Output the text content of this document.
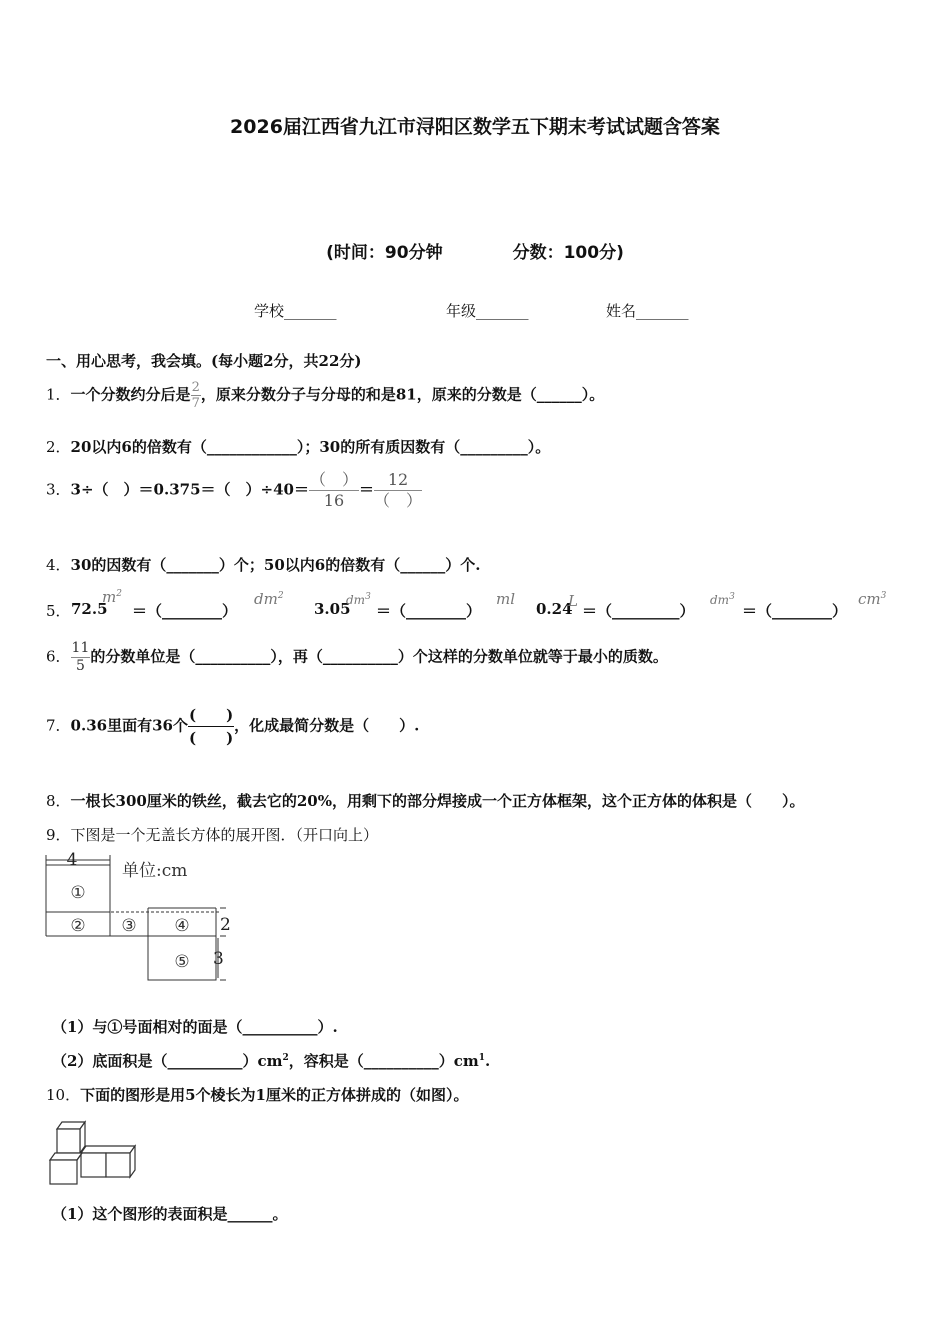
2026届江西省九江市浔阳区数学五下期末考试试题含答案
(时间：90分钟	分数：100分)
学校_______	年级_______	姓名_______
一、用心思考，我会填。(每小题2分，共22分)
1．一个分数约分后是 $\frac{2}{7}$ ，原来分数分子与分母的和是81，原来的分数是（______）。
2．20以内6的倍数有（____________）；30的所有质因数有（_________）。
3．3÷（　）＝0.375＝（　）$\div 40= \frac{( )}{16} = \frac{12}{( )}$
4．30的因数有（_______）个；50以内6的倍数有（______）个.
5． 72.5
$m^2$
＝（________）
$dm^2$
3.05
$dm^3$
＝（________）
ml
0.24
L
＝（_________）
$dm^3$
＝（________）
$cm^3$
6． $\frac{11}{5}$ 的分数单位是（__________），再（__________）个这样的分数单位就等于最小的质数。
7．0.36里面有36个 $\frac{( )}{( )}$ ，化成最简分数是（　　）.
8．一根长300厘米的铁丝，截去它的20%，用剩下的部分焊接成一个正方体框架，这个正方体的体积是（　　）。
9．下图是一个无盖长方体的展开图．（开口向上）
4
单位:cm
①
② ③ ④
⑤
2
3
（1）与①号面相对的面是（__________）.
（2）底面积是$(\_\_\_\_\_\_\_\_\_\_)cm^2$，容积是$(\_\_\_\_\_\_\_\_\_\_)cm^1$.
10．下面的图形是用5个棱长为1厘米的正方体拼成的（如图）。
（1）这个图形的表面积是______。
